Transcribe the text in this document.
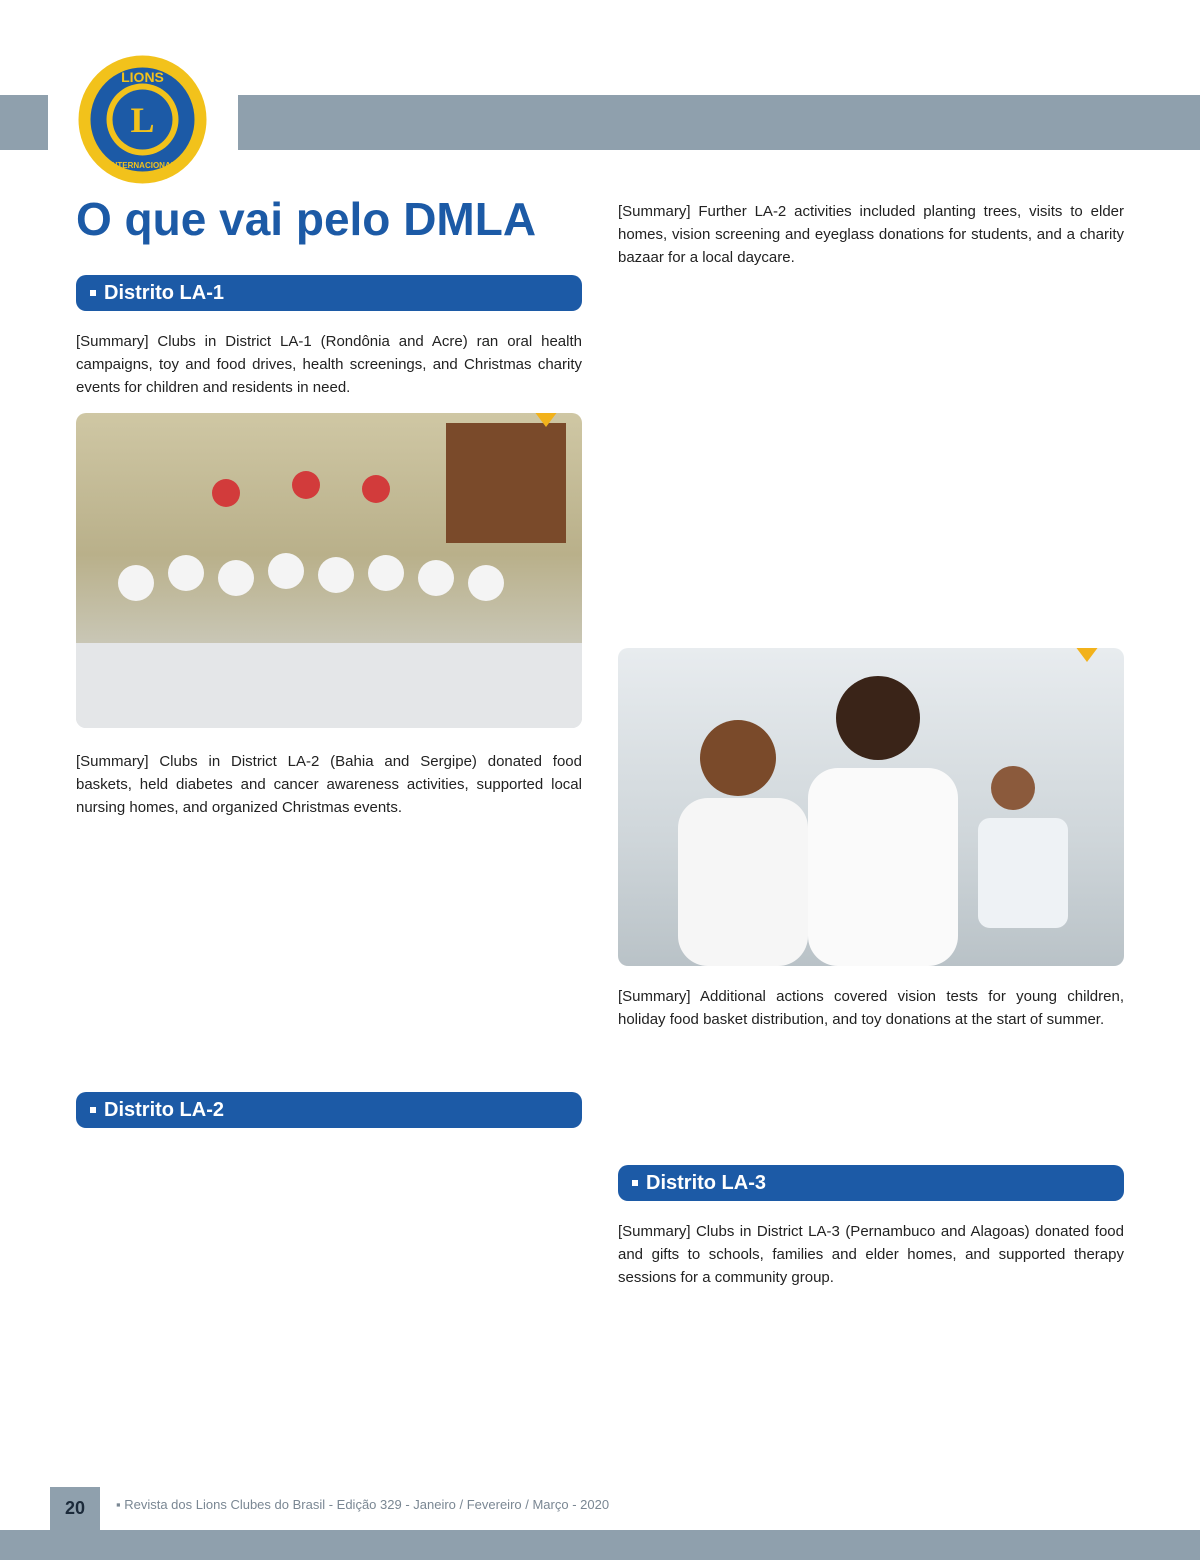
L
LIONS
INTERNACIONAL
O que vai pelo DMLA
Distrito LA-1
[Summary] Clubs in District LA-1 (Rondônia and Acre) ran oral health campaigns, toy and food drives, health screenings, and Christmas charity events for children and residents in need.
Distrito LA-2
[Summary] Clubs in District LA-2 (Bahia and Sergipe) donated food baskets, held diabetes and cancer awareness activities, supported local nursing homes, and organized Christmas events.
[Summary] Further LA-2 activities included planting trees, visits to elder homes, vision screening and eyeglass donations for students, and a charity bazaar for a local daycare.
[Summary] Additional actions covered vision tests for young children, holiday food basket distribution, and toy donations at the start of summer.
Distrito LA-3
[Summary] Clubs in District LA-3 (Pernambuco and Alagoas) donated food and gifts to schools, families and elder homes, and supported therapy sessions for a community group.
20	▪ Revista dos Lions Clubes do Brasil - Edição 329 - Janeiro / Fevereiro / Março - 2020
